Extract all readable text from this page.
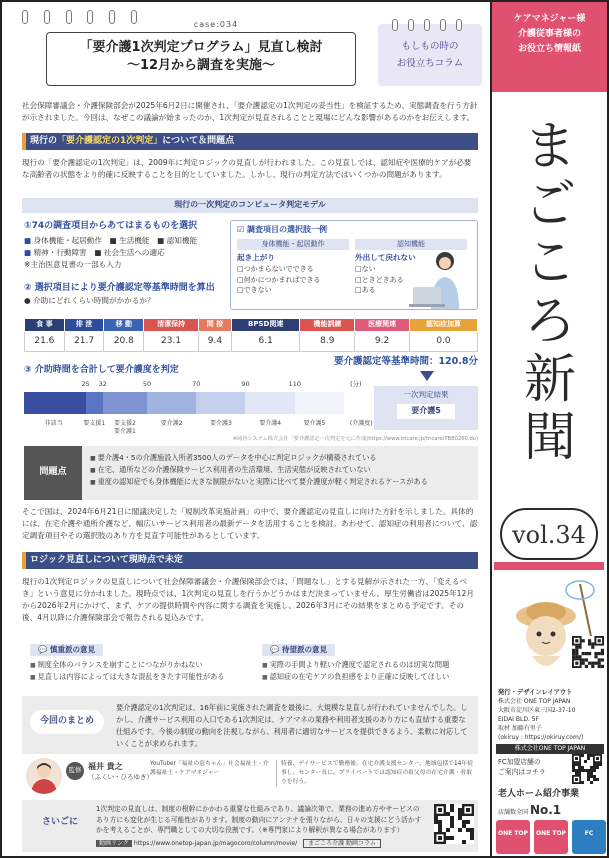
case:034
「要介護1次判定プログラム」見直し検討
〜12月から調査を実施〜
もしもの時の
お役立ちコラム

社会保障審議会・介護保険部会が2025年6月2日に開催され、「要介護認定の1次判定の妥当性」を検証するため、実態調査を行う方針が示されました。今回は、なぜこの議論が始まったのか、1次判定が見直されることと現場にどんな影響があるのかをお伝えします。

現行の「要介護認定の1次判定」について＆問題点

現行の「要介護認定の1次判定」は、2009年に判定ロジックの見直しが行われました。この見直しでは、認知症や医療的ケアが必要な高齢者の状態をより的確に反映することを目的としていました。しかし、現行の判定方法ではいくつかの問題があります。

現行の一次判定のコンピュータ判定モデル
①74の調査項目からあてはまるものを選択
■ 身体機能・起居動作　■ 生活機能　■ 認知機能
■ 精神・行動障害　■ 社会生活への適応
※主治医意見書の一部も入力
☑ 調査項目の選択肢一例
身体機能・起居動作
起き上がり
□つかまらないでできる
□何かにつかまればできる
□できない
認知機能
外出して戻れない
□ない
□ときどきある
□ある
② 選択項目により要介護認定等基準時間を算出
● 介助にどれくらい時間がかかるか？
食 事	排 泄	移 動	清潔保持	間 接	BPSD関連	機能訓練	医療関連	認知症加算
21.6	21.7	20.8	23.1	9.4	6.1	8.9	9.2	0.0
要介護認定等基準時間：120.8分
③ 介助時間を合計して要介護度を判定
(分)
25 32	50	70	90	110
非該当	要支援1 要支援2
要介護1
要介護2	要介護3	要介護4	要介護5	(介護度)
一次判定結果
要介護5
※岡谷システム株式会社「要介護認定一次判定を元に作成(https://www.tricare.jp/tricare/TBB0260.do)
問題点
■ 要介護4・5の介護施設入所者3500人のデータを中心に判定ロジックが構築されている
■ 在宅、通所などの介護保険サービス利用者の生活環境、生活実態が反映されていない
■ 重度の認知症でも身体機能に大きな制限がないと実際に比べて要介護度が軽く判定されるケースがある

そこで国は、2024年6月21日に閣議決定した「規制改革実施計画」の中で、要介護認定の見直しに向けた方針を示しました。具体的には、在宅介護や通所介護など、幅広いサービス利用者の最新データを活用することを検討。あわせて、認知症の利用者について、認定調査項目やその選択肢のあり方を見直す可能性があるとしています。

ロジック見直しについて現時点で未定

現行の1次判定ロジックの見直しについて社会保障審議会・介護保険部会では、「問題なし」とする見解が示された一方、「変えるべき」という意見に分かれました。現時点では、1次判定の見直しを行うかどうかはまだ決まっていません。厚生労働省は2025年12月から2026年2月にかけて、まず、ケアの提供時間や内容に関する調査を実施し、2026年3月にその結果をまとめる予定です。その後、4月以降に介護保険部会で報告される見込みです。

💬 慎重派の意見
■ 制度全体のバランスを崩すことにつながりかねない
■ 見直しは内容によっては大きな混乱をきたす可能性がある
💬 待望派の意見
■ 実際の手間より軽い介護度で認定されるのは切実な問題
■ 認知症の在宅ケアの負担感をより正確に反映してほしい
今回のまとめ

要介護認定の1次判定は、16年前に実施された調査を最後に、大規模な見直しが行われていませんでした。しかし、介護サービス利用の入口である1次判定は、ケアマネの業務や利用者支援のあり方にも直結する重要な仕組みです。今後の制度の動向を注視しながら、利用者に適切なサービスを提供できるよう、柔軟に対応していくことが求められます。

監修 福井 貴之
（ふくい・ひろゆき）
YouTuber「福祉の窓ちゃん」社会福祉士・介護福祉士・ケアマネジャー
特養、デイサービスで勤務後、在宅介護支援センター、地域包括で14年従事し、センター長に。プライベートでは認知症の祖父母の在宅介護・看取りを行う。
さいごに

1次判定の見直しは、制度の根幹にかかわる重要な仕組みであり、議論次第で、業務の進め方やサービスのあり方にも変化が生じる可能性があります。制度の動向にアンテナを張りながら、日々の支援にどう活かすかを考えることが、専門職としての大切な役割です。（※専門家により解釈が異なる場合があります）

動画リンク https://www.onetop-japan.jp/magocoro/column/movie/ まごころ介護 動画コラム
ケアマネジャー様
介護従事者様の
お役立ち情報紙
ま
ご
こ
ろ
新
聞
vol.34
発行・デザインレイアウト
株式会社 ONE TOP JAPAN
大阪市淀川区東三国2-37-10
EIDAI BLD. 5F
取材 加藤有里子
(okiruy : https://okiruy.com/)
株式会社ONE TOP JAPAN
FC加盟店舗の
ご案内はコチラ
老人ホーム紹介事業
店舗数全国 No.1
ONE TOP	ONE TOP	FC
